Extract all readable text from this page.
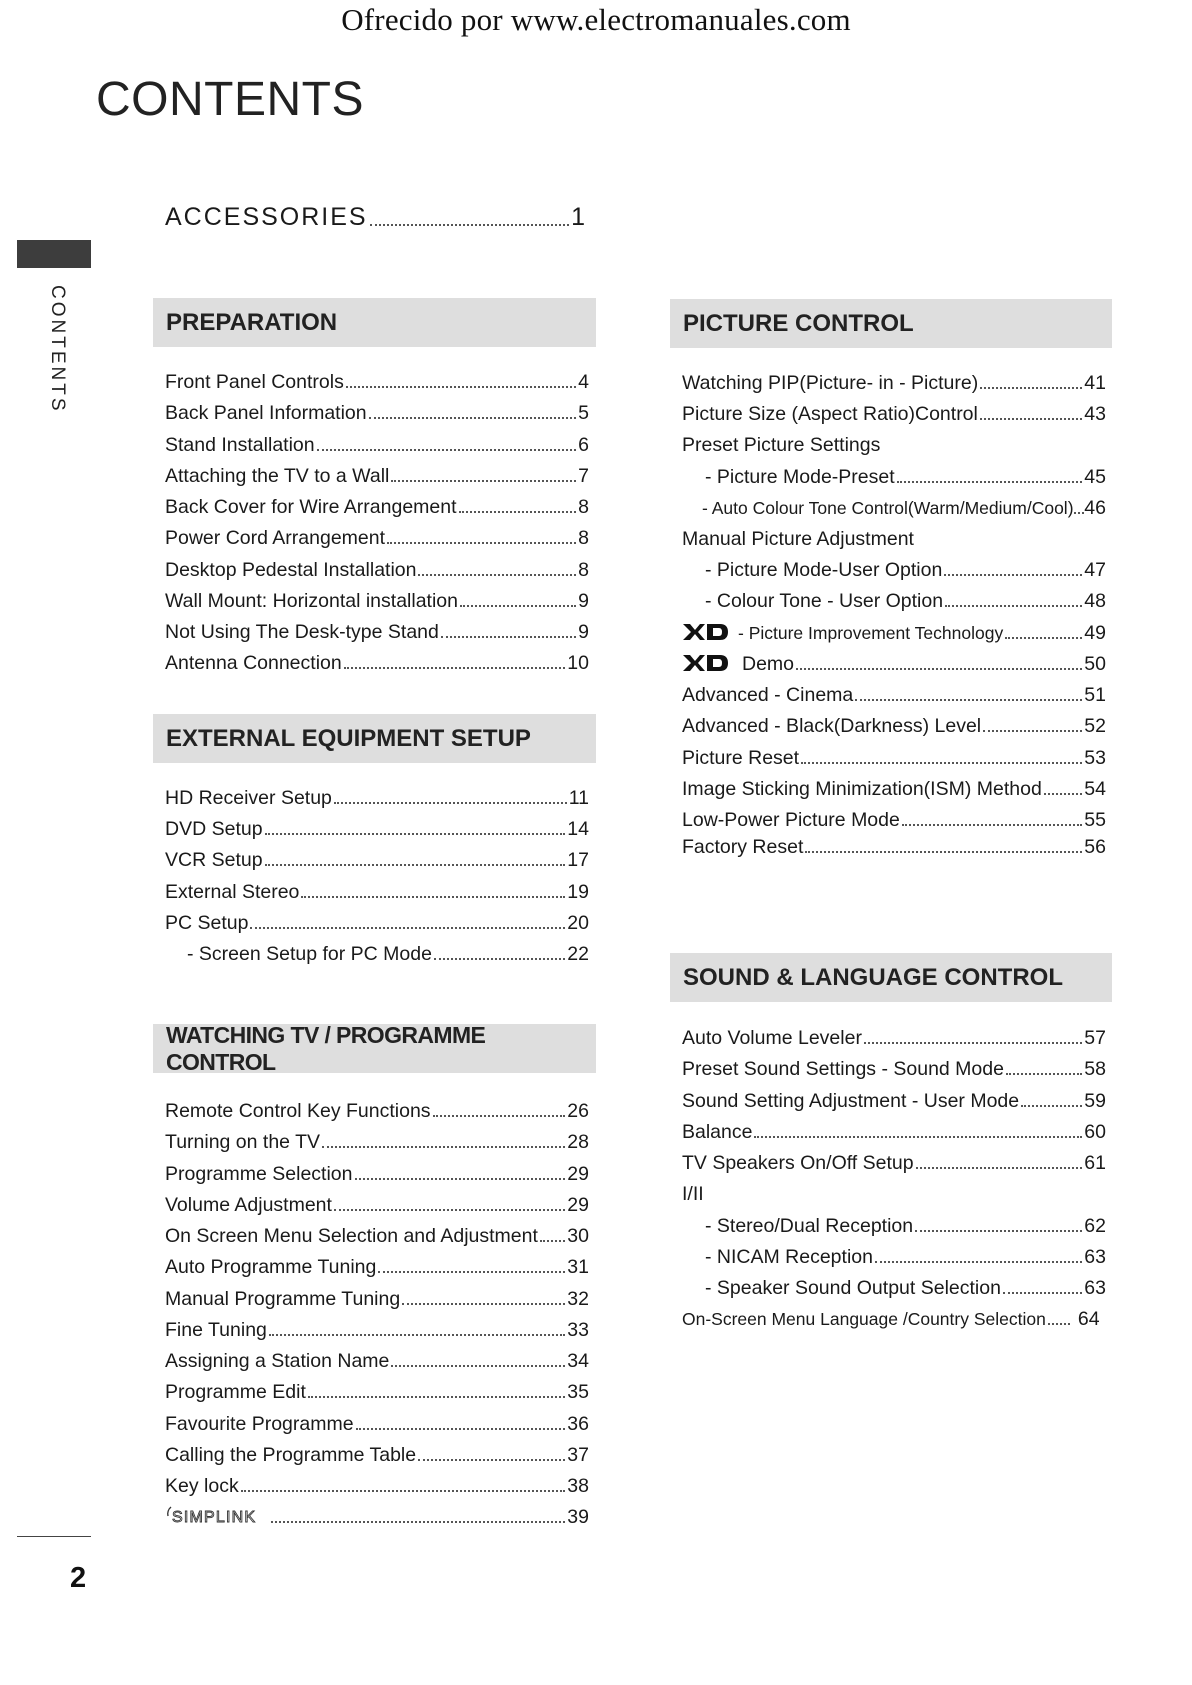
Ofrecido por www.electromanuales.com
CONTENTS
CONTENTS
2
ACCESSORIES	1
PREPARATION
EXTERNAL EQUIPMENT SETUP
WATCHING TV / PROGRAMME CONTROL
PICTURE CONTROL
SOUND & LANGUAGE CONTROL
Front Panel Controls	4
Back Panel Information	5
Stand Installation	6
Attaching the TV to a Wall	7
Back Cover for Wire Arrangement	8
Power Cord Arrangement	8
Desktop Pedestal Installation	8
Wall Mount: Horizontal installation	9
Not Using The Desk-type Stand	9
Antenna Connection	10
HD Receiver Setup	11
DVD Setup	14
VCR Setup	17
External Stereo	19
PC Setup	20
- Screen Setup for PC Mode	22
Remote Control Key Functions	26
Turning on the TV	28
Programme Selection	29
Volume Adjustment	29
On Screen Menu Selection and Adjustment 30
Auto Programme Tuning	31
Manual Programme Tuning	32
Fine Tuning	33
Assigning a Station Name	34
Programme Edit	35
Favourite Programme	36
Calling the Programme Table	37
Key lock	38
SIMPLINK	39
Watching PIP(Picture- in - Picture)	41
Picture Size (Aspect Ratio)Control	43
Preset Picture Settings
- Picture Mode-Preset	45
- Auto Colour Tone Control(Warm/Medium/Cool) 46
Manual Picture Adjustment
- Picture Mode-User Option	47
- Colour Tone - User Option	48
- Picture Improvement Technology	49
Demo	50
Advanced - Cinema	51
Advanced - Black(Darkness) Level	52
Picture Reset	53
Image Sticking Minimization(ISM) Method 54
Low-Power Picture Mode	55
Factory Reset	56
Auto Volume Leveler	57
Preset Sound Settings - Sound Mode	58
Sound Setting Adjustment - User Mode	59
Balance	60
TV Speakers On/Off Setup	61
I/II
- Stereo/Dual Reception	62
- NICAM Reception	63
- Speaker Sound Output Selection	63
On-Screen Menu Language /Country Selection 64
